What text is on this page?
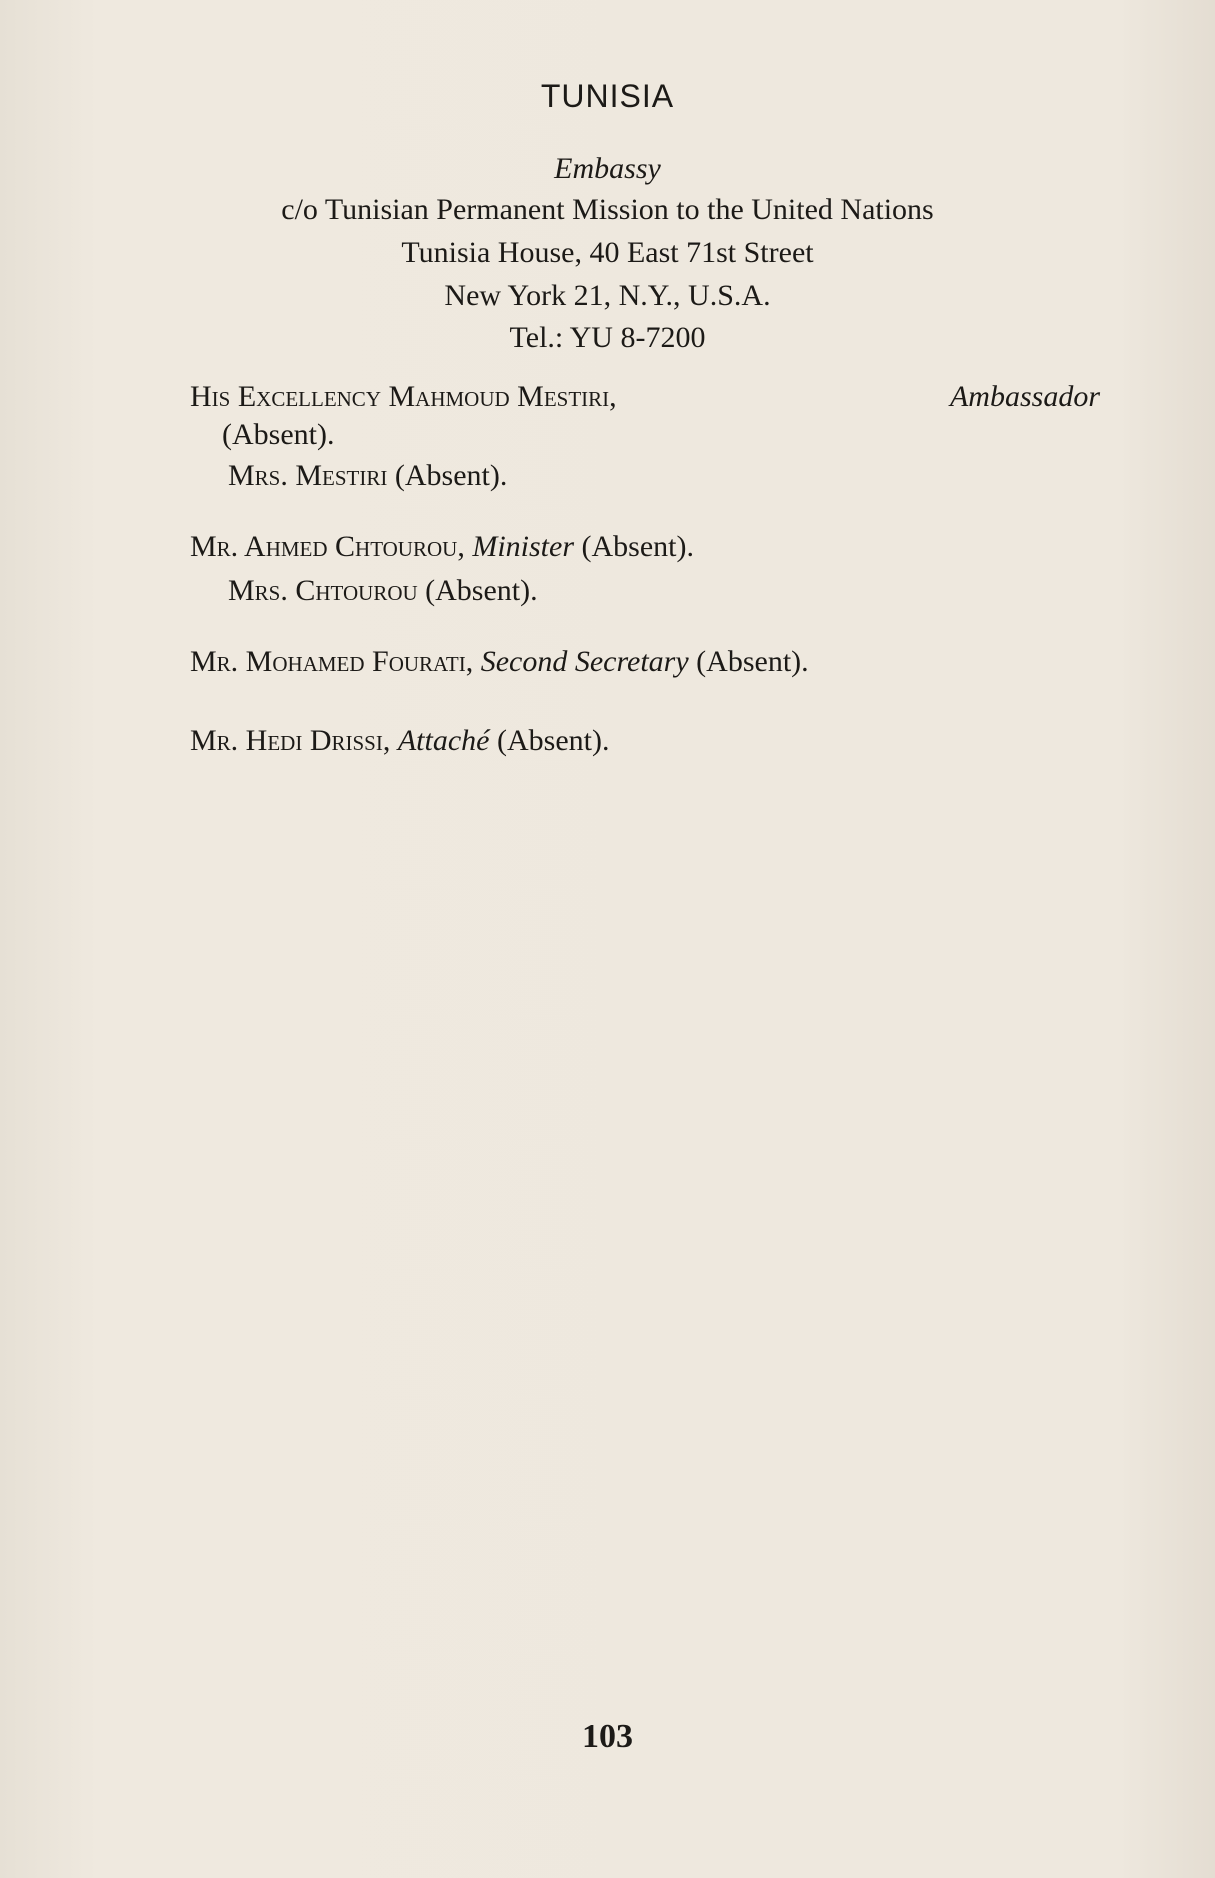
TUNISIA
Embassy
c/o Tunisian Permanent Mission to the United Nations
Tunisia House, 40 East 71st Street
New York 21, N.Y., U.S.A.
Tel.: YU 8-7200
His Excellency Mahmoud Mestiri,	Ambassador
(Absent).
Mrs. Mestiri (Absent).
Mr. Ahmed Chtourou, Minister (Absent).
Mrs. Chtourou (Absent).
Mr. Mohamed Fourati, Second Secretary (Absent).
Mr. Hedi Drissi, Attaché (Absent).
103
